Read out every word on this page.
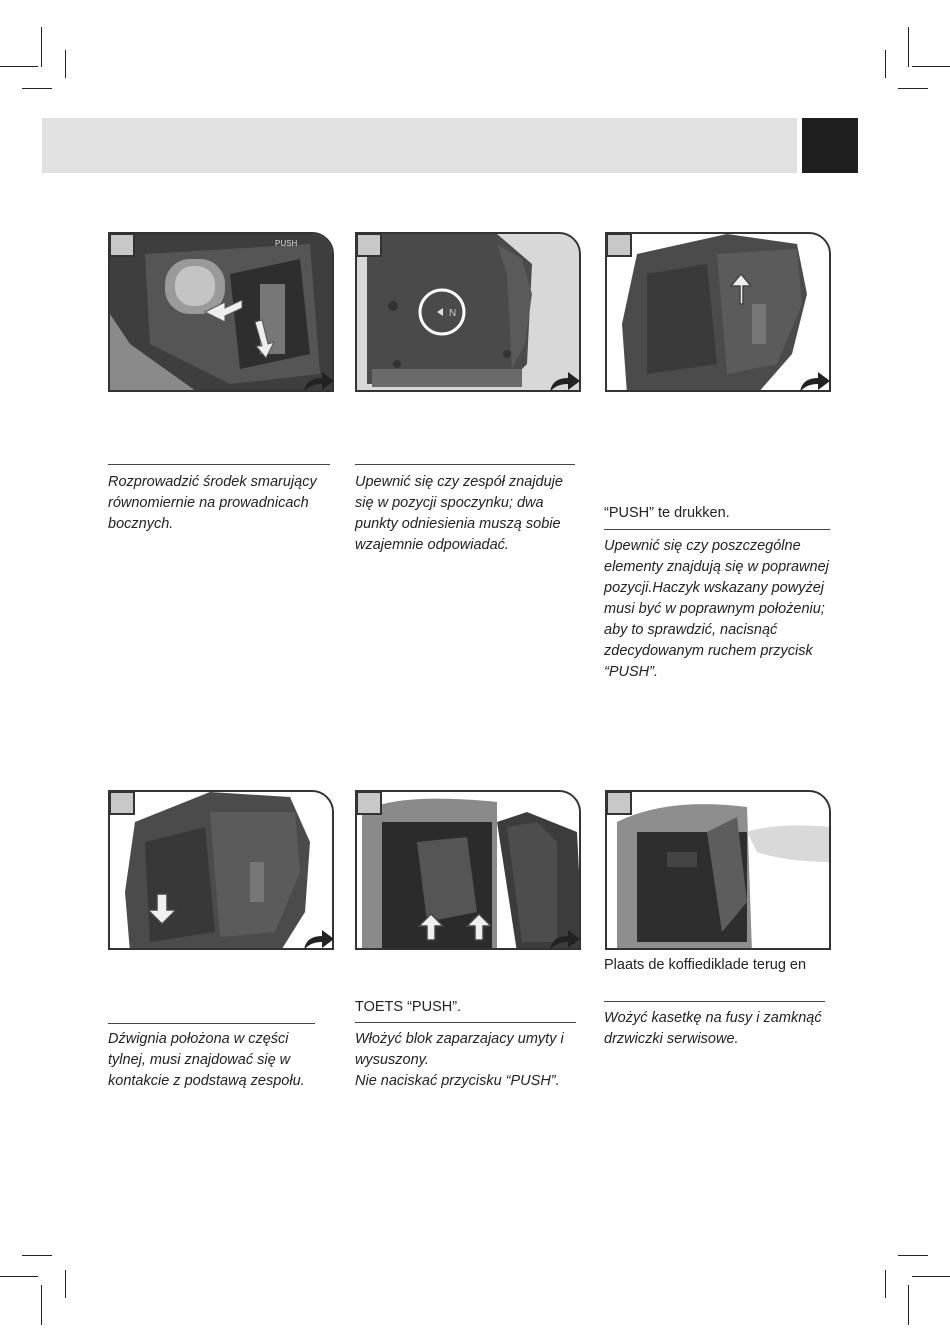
PUSH
Rozprowadzić środek smarujący
równomiernie na prowadnicach
bocznych.
N
Upewnić się czy zespół znajduje
się w pozycji spoczynku; dwa
punkty odniesienia muszą sobie
wzajemnie odpowiadać.
“PUSH” te drukken.
Upewnić się czy poszczególne
elementy znajdują się w poprawnej
pozycji.Haczyk wskazany powyżej
musi być w poprawnym położeniu;
aby to sprawdzić, nacisnąć
zdecydowanym ruchem przycisk
“PUSH”.
Dźwignia położona w części
tylnej, musi znajdować się w
kontakcie z podstawą zespołu.
TOETS “PUSH”.
Włożyć blok zaparzajacy umyty i
wysuszony.
Nie naciskać przycisku “PUSH”.
Plaats de koffiediklade terug en
Wożyć kasetkę na fusy i zamknąć
drzwiczki serwisowe.
